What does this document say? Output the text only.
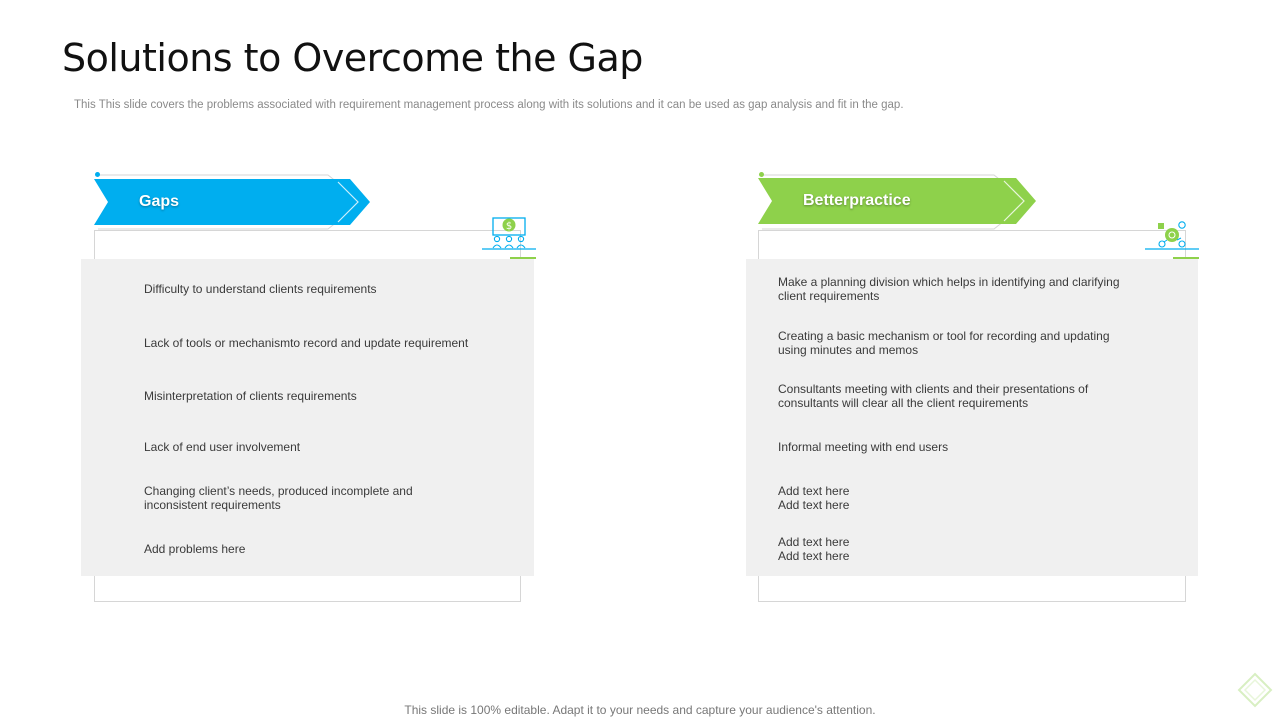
Solutions to Overcome the Gap
This This slide covers the problems associated with requirement management process along with its solutions and it can be used as gap analysis and fit in the gap.
Gaps
$
Difficulty to understand clients requirements
Lack of tools or mechanismto record and update requirement
Misinterpretation of clients requirements
Lack of end user involvement
Changing client’s needs, produced incomplete and
inconsistent requirements
Add problems here
Betterpractice
Make a planning division which helps in identifying and clarifying
client requirements
Creating a basic mechanism or tool for recording and updating
using minutes and memos
Consultants meeting with clients and their presentations of
consultants will clear all the client requirements
Informal meeting with end users
Add text here
Add text here
Add text here
Add text here
This slide is 100% editable. Adapt it to your needs and capture your audience's attention.
